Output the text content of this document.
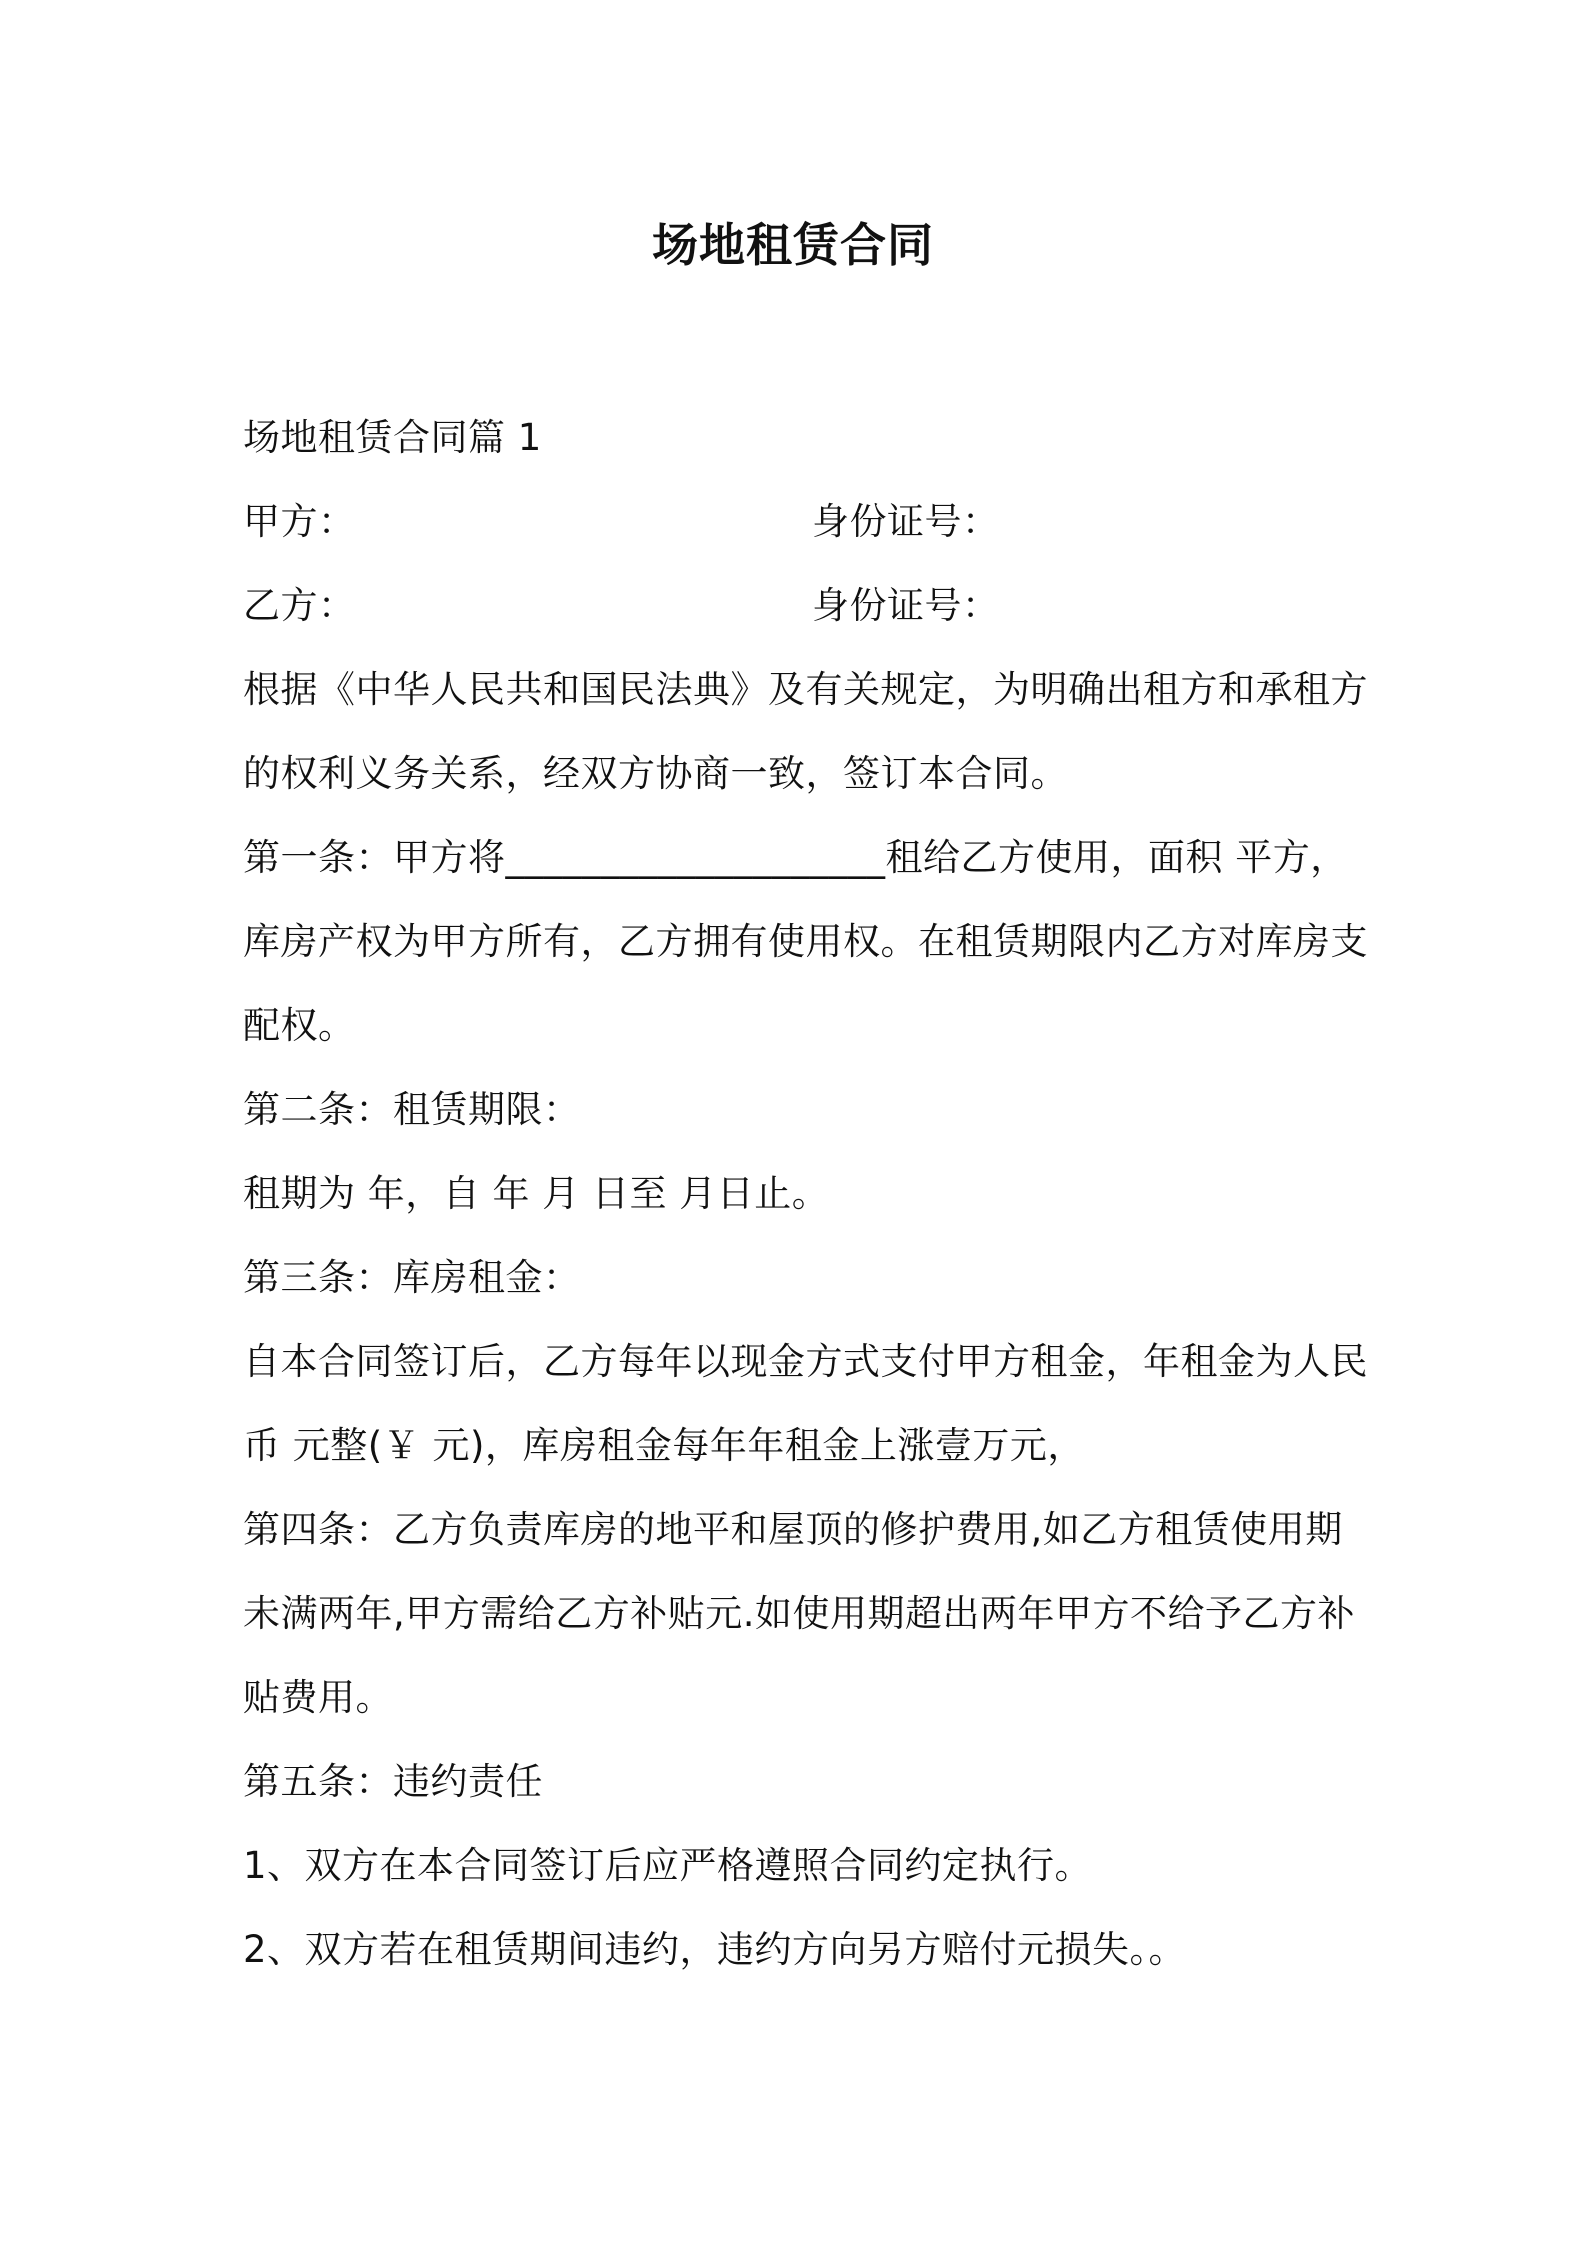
场地租赁合同
场地租赁合同篇 1
甲方：	身份证号：
乙方：	身份证号：
根据《中华人民共和国民法典》及有关规定，为明确出租方和承租方
的权利义务关系，经双方协商一致，签订本合同。
第一条：甲方将____________________租给乙方使用，面积 平方，
库房产权为甲方所有，乙方拥有使用权。在租赁期限内乙方对库房支
配权。
第二条：租赁期限：
租期为 年，自 年 月 日至 月日止。
第三条：库房租金：
自本合同签订后，乙方每年以现金方式支付甲方租金，年租金为人民
币 元整(￥ 元)，库房租金每年年租金上涨壹万元，
第四条：乙方负责库房的地平和屋顶的修护费用,如乙方租赁使用期
未满两年,甲方需给乙方补贴元.如使用期超出两年甲方不给予乙方补
贴费用。
第五条：违约责任
1、双方在本合同签订后应严格遵照合同约定执行。
2、双方若在租赁期间违约，违约方向另方赔付元损失。。
